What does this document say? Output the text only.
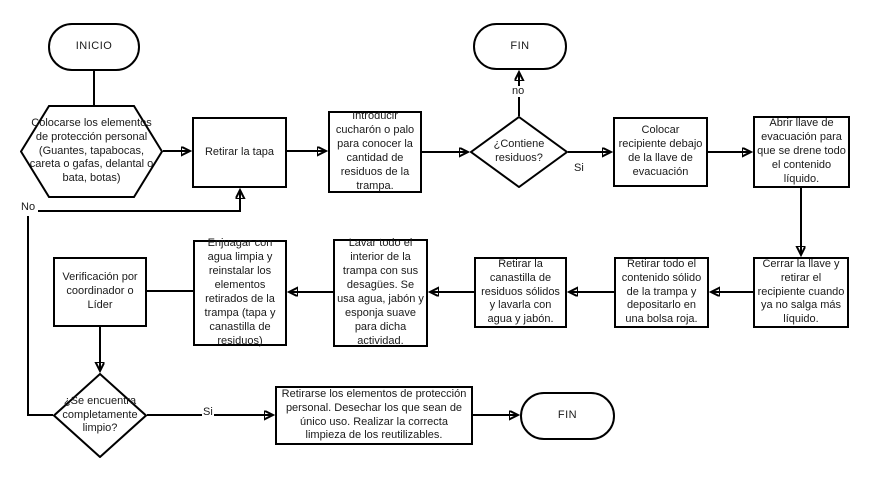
INICIO	FIN
Colocarse los elementos de protección personal (Guantes, tapabocas, careta o gafas, delantal o bata, botas)
Retirar la tapa
Introducir cucharón o palo para conocer la cantidad de residuos de la trampa.
¿Contiene residuos?
Colocar recipiente debajo de la llave de evacuación
Abrir llave de evacuación para que se drene todo el contenido líquido.
Cerrar la llave y retirar el recipiente cuando ya no salga más líquido.
Retirar todo el contenido sólido de la trampa y depositarlo en una bolsa roja.
Retirar la canastilla de residuos sólidos y lavarla con agua y jabón.
Lavar todo el interior de la trampa con sus desagües. Se usa agua, jabón y esponja suave para dicha actividad.
Enjuagar con agua limpia y reinstalar los elementos retirados de la trampa (tapa y canastilla de residuos)
Verificación por coordinador o Líder
¿Se encuentra completamente limpio?
Retirarse los elementos de protección personal. Desechar los que sean de único uso. Realizar la correcta limpieza de los reutilizables.
FIN
no
Si
No
Si
